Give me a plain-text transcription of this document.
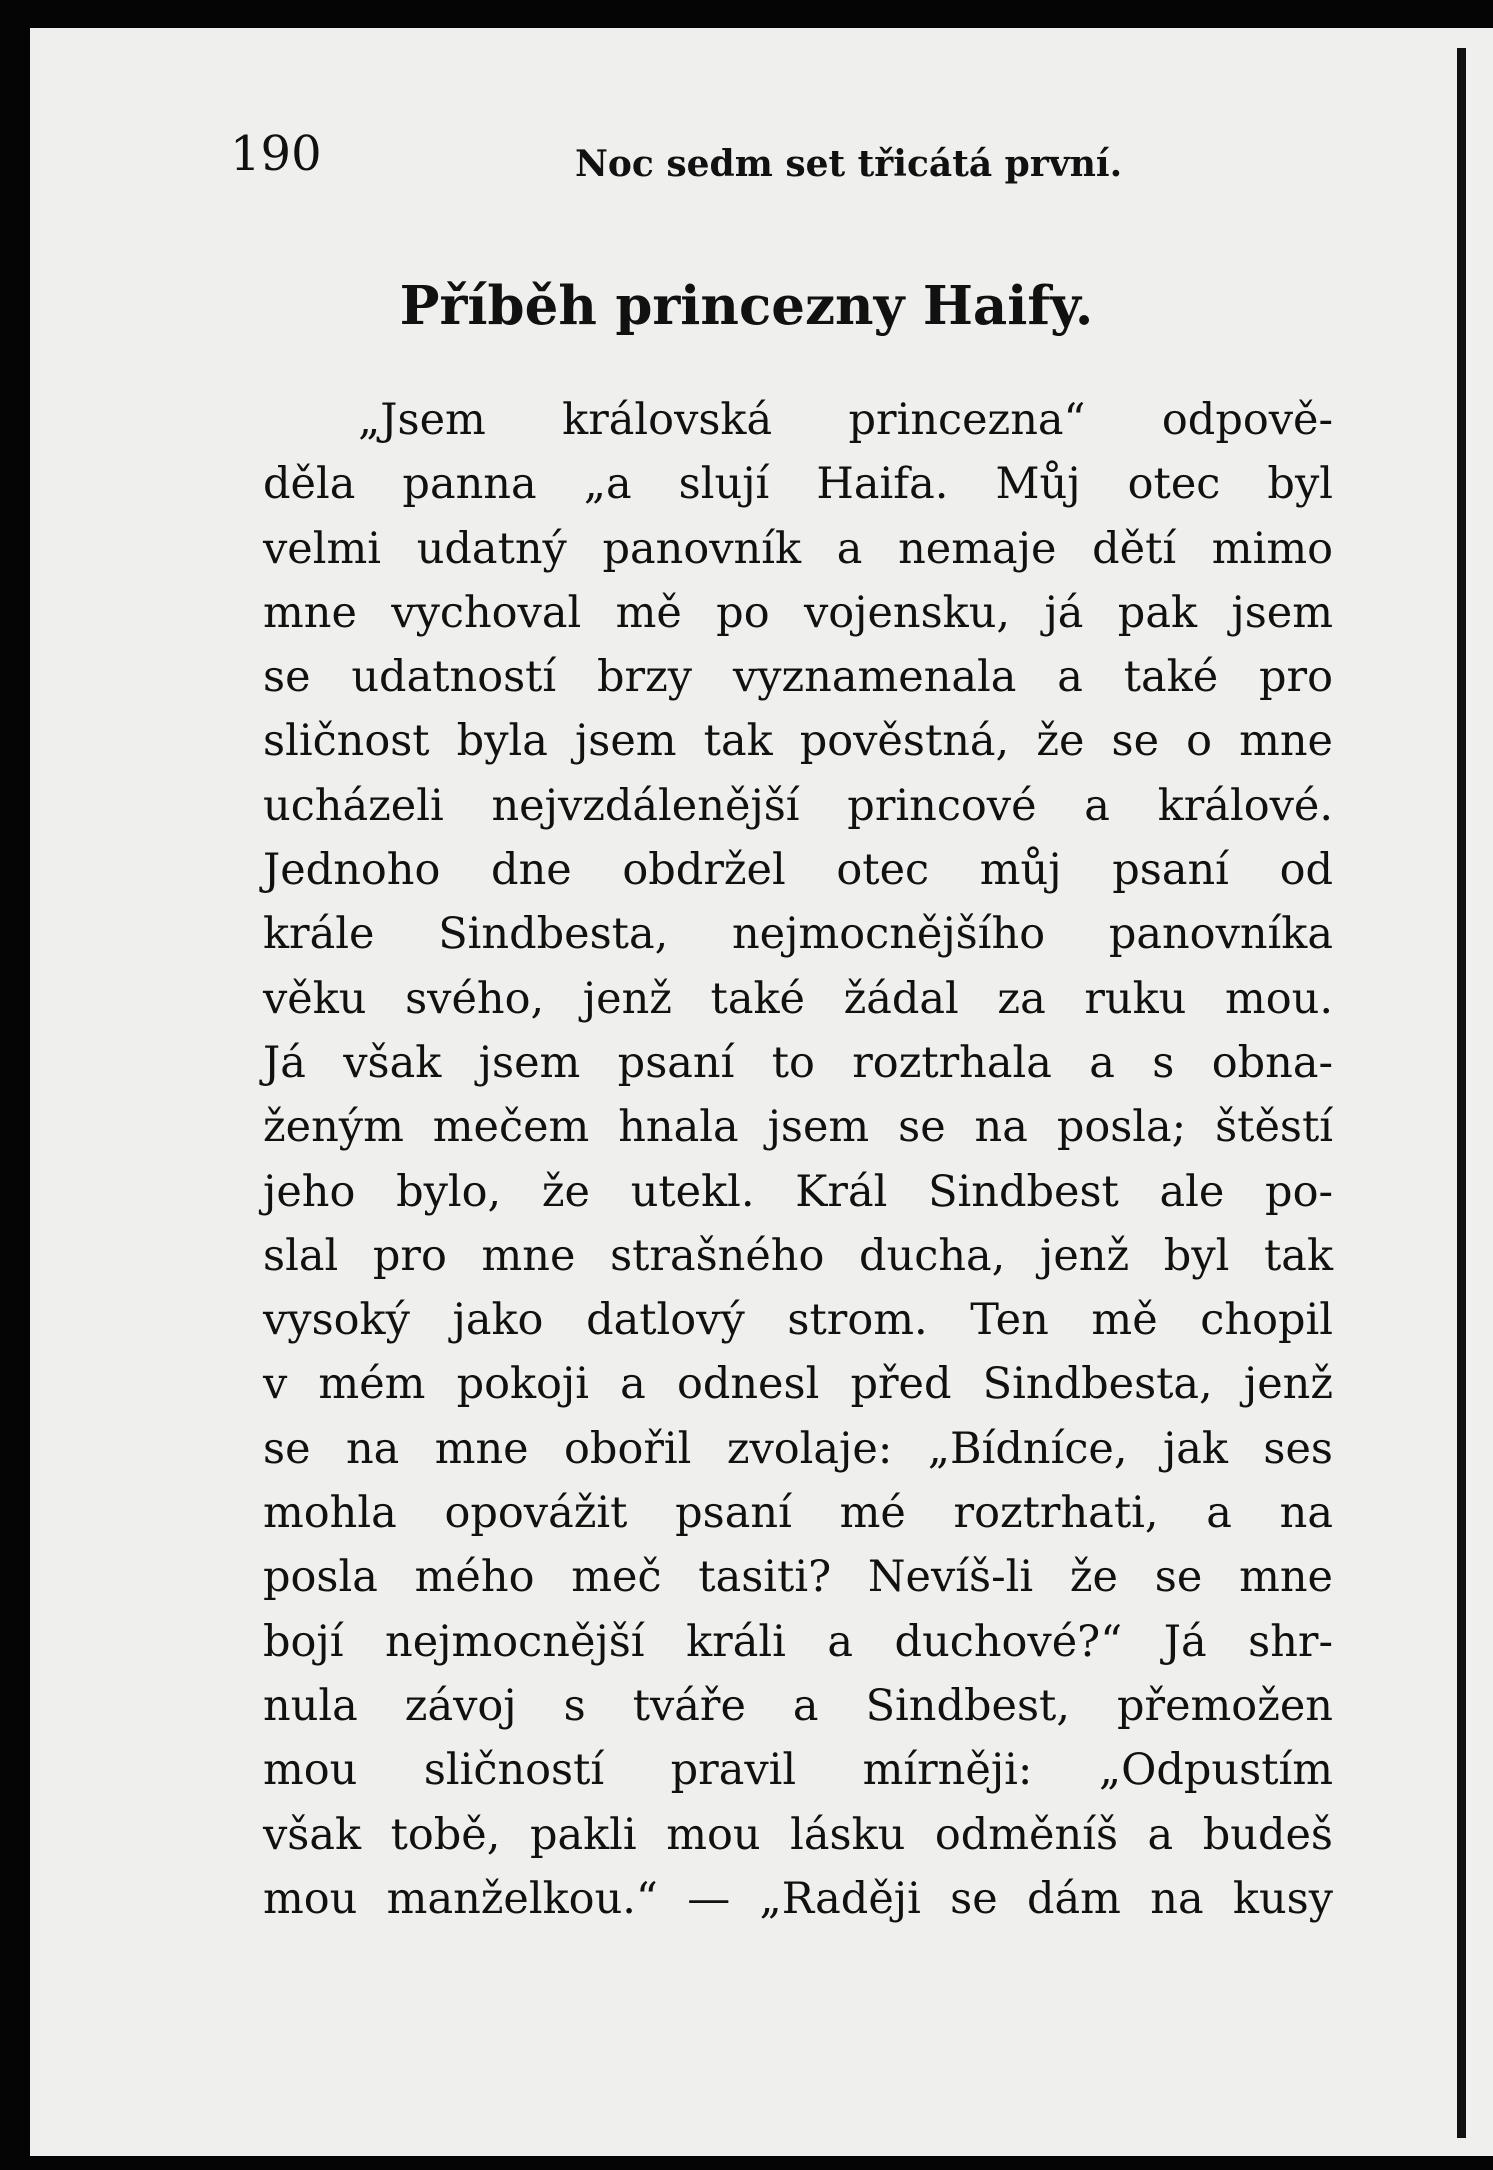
190	Noc sedm set třicátá první.
Příběh princezny Haify.
„Jsem královská princezna“ odpově-
děla panna „a slují Haifa. Můj otec byl
velmi udatný panovník a nemaje dětí mimo
mne vychoval mě po vojensku, já pak jsem
se udatností brzy vyznamenala a také pro
sličnost byla jsem tak pověstná, že se o mne
ucházeli nejvzdálenější princové a králové.
Jednoho dne obdržel otec můj psaní od
krále Sindbesta, nejmocnějšího panovníka
věku svého, jenž také žádal za ruku mou.
Já však jsem psaní to roztrhala a s obna-
ženým mečem hnala jsem se na posla; štěstí
jeho bylo, že utekl. Král Sindbest ale po-
slal pro mne strašného ducha, jenž byl tak
vysoký jako datlový strom. Ten mě chopil
v mém pokoji a odnesl před Sindbesta, jenž
se na mne obořil zvolaje: „Bídníce, jak ses
mohla opovážit psaní mé roztrhati, a na
posla mého meč tasiti? Nevíš-li že se mne
bojí nejmocnější králi a duchové?“ Já shr-
nula závoj s tváře a Sindbest, přemožen
mou sličností pravil mírněji: „Odpustím
však tobě, pakli mou lásku odměníš a budeš
mou manželkou.“ — „Raději se dám na kusy
